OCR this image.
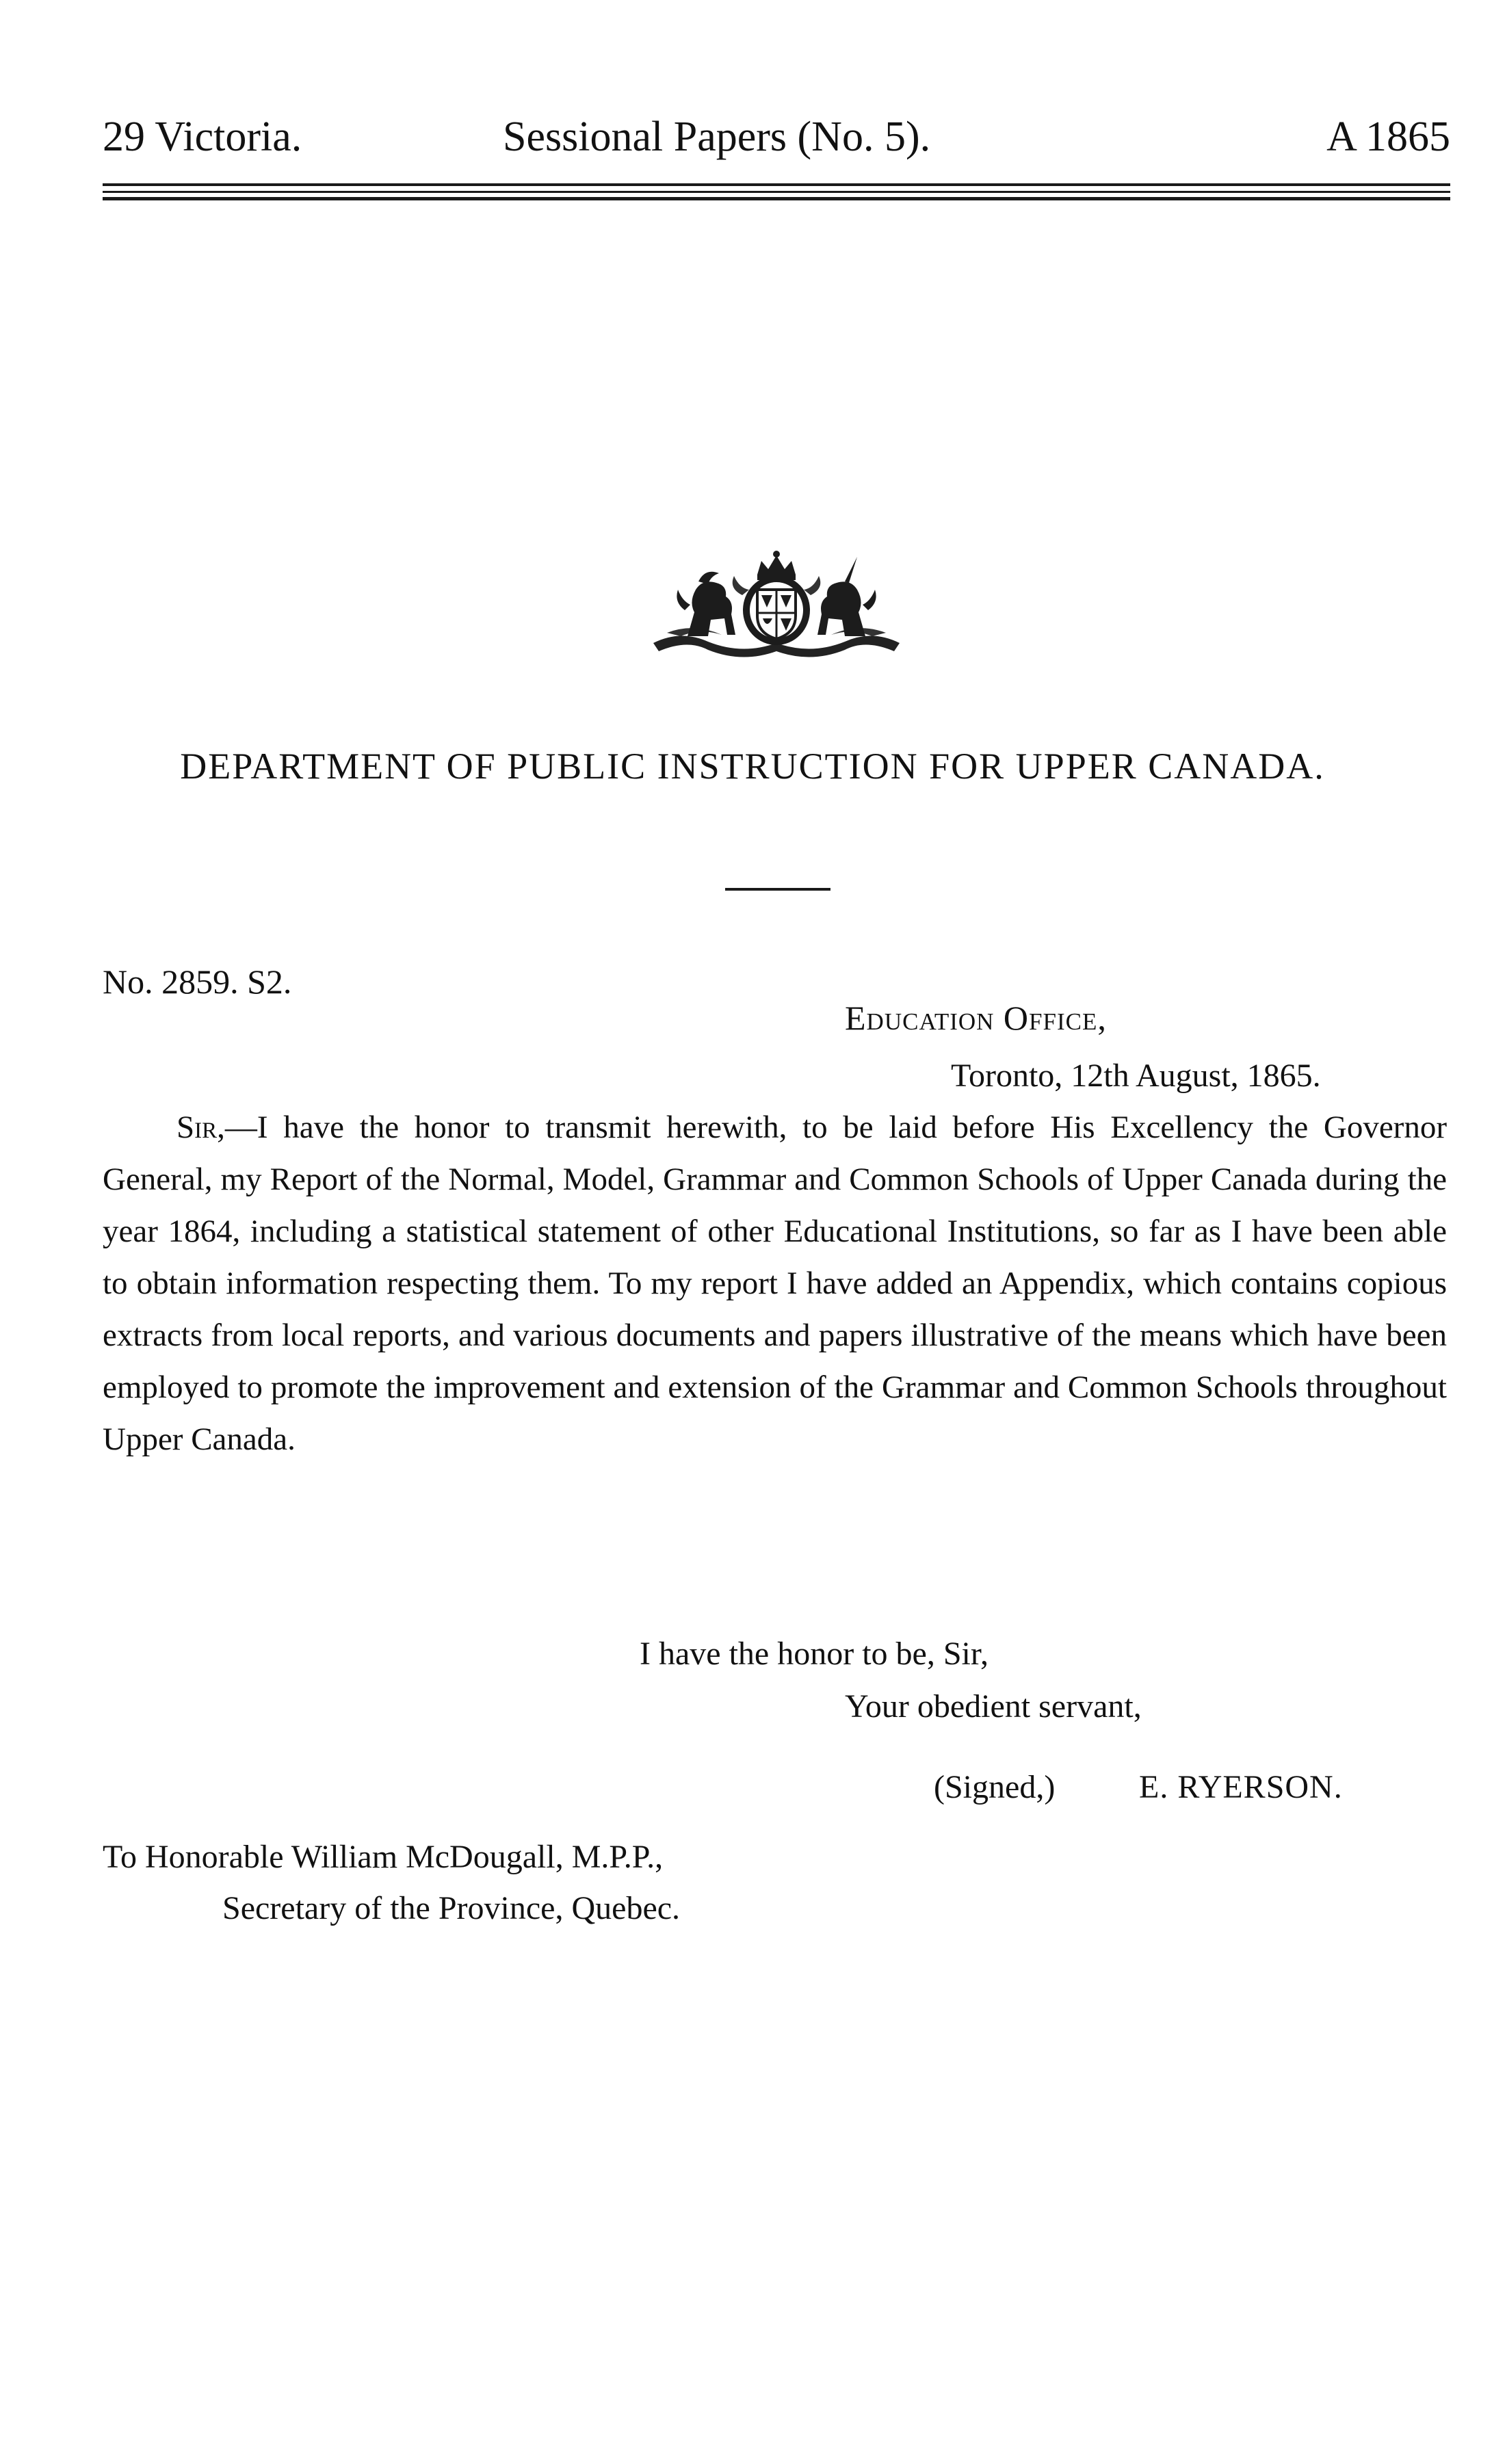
29 Victoria.	Sessional Papers (No. 5).	A 1865
DEPARTMENT OF PUBLIC INSTRUCTION FOR UPPER CANADA.
No. 2859. S2.
Education Office,
Toronto, 12th August, 1865.

Sir,—I have the honor to transmit herewith, to be laid before His Excellency the Governor General, my Report of the Normal, Model, Grammar and Common Schools of Upper Canada during the year 1864, including a statistical statement of other Educational Institutions, so far as I have been able to obtain information respecting them. To my report I have added an Appendix, which contains copious extracts from local reports, and various documents and papers illustrative of the means which have been employed to promote the improvement and extension of the Grammar and Common Schools throughout Upper Canada.

I have the honor to be, Sir,
Your obedient servant,
(Signed,)	E. RYERSON.
To Honorable William McDougall, M.P.P.,
Secretary of the Province, Quebec.
